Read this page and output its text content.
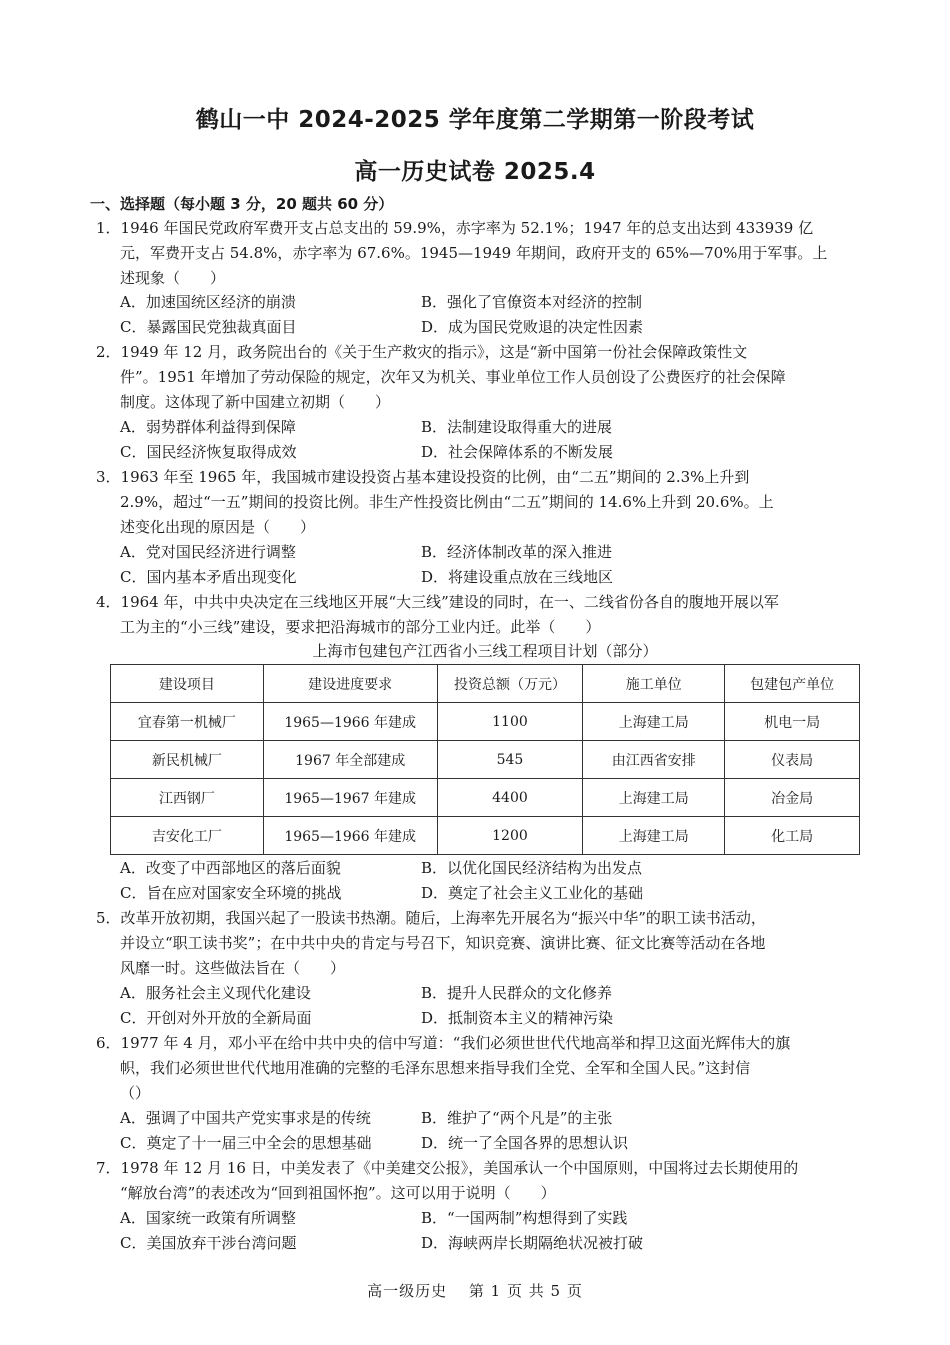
鹤山一中 2024-2025 学年度第二学期第一阶段考试
高一历史试卷 2025.4
一、选择题（每小题 3 分，20 题共 60 分）
1．1946 年国民党政府军费开支占总支出的 59.9%，赤字率为 52.1%；1947 年的总支出达到 433939 亿
元，军费开支占 54.8%，赤字率为 67.6%。1945—1949 年期间，政府开支的 65%—70%用于军事。上
述现象（　　）
A．加速国统区经济的崩溃	B．强化了官僚资本对经济的控制
C．暴露国民党独裁真面目	D．成为国民党败退的决定性因素
2．1949 年 12 月，政务院出台的《关于生产救灾的指示》，这是“新中国第一份社会保障政策性文
件”。1951 年增加了劳动保险的规定，次年又为机关、事业单位工作人员创设了公费医疗的社会保障
制度。这体现了新中国建立初期（　　）
A．弱势群体利益得到保障	B．法制建设取得重大的进展
C．国民经济恢复取得成效	D．社会保障体系的不断发展
3．1963 年至 1965 年，我国城市建设投资占基本建设投资的比例，由“二五”期间的 2.3%上升到
2.9%，超过“一五”期间的投资比例。非生产性投资比例由“二五”期间的 14.6%上升到 20.6%。上
述变化出现的原因是（　　）
A．党对国民经济进行调整	B．经济体制改革的深入推进
C．国内基本矛盾出现变化	D．将建设重点放在三线地区
4．1964 年，中共中央决定在三线地区开展“大三线”建设的同时，在一、二线省份各自的腹地开展以军
工为主的“小三线”建设，要求把沿海城市的部分工业内迁。此举（　　）
上海市包建包产江西省小三线工程项目计划（部分）
建设项目	建设进度要求	投资总额（万元）	施工单位	包建包产单位
宜春第一机械厂	1965—1966 年建成	1100	上海建工局	机电一局
新民机械厂	1967 年全部建成	545	由江西省安排	仪表局
江西钢厂	1965—1967 年建成	4400	上海建工局	冶金局
吉安化工厂	1965—1966 年建成	1200	上海建工局	化工局
A．改变了中西部地区的落后面貌	B．以优化国民经济结构为出发点
C．旨在应对国家安全环境的挑战	D．奠定了社会主义工业化的基础
5．改革开放初期，我国兴起了一股读书热潮。随后，上海率先开展名为“振兴中华”的职工读书活动，
并设立“职工读书奖”；在中共中央的肯定与号召下，知识竞赛、演讲比赛、征文比赛等活动在各地
风靡一时。这些做法旨在（　　）
A．服务社会主义现代化建设	B．提升人民群众的文化修养
C．开创对外开放的全新局面	D．抵制资本主义的精神污染
6．1977 年 4 月，邓小平在给中共中央的信中写道：“我们必须世世代代地高举和捍卫这面光辉伟大的旗
帜，我们必须世世代代地用准确的完整的毛泽东思想来指导我们全党、全军和全国人民。”这封信
（）
A．强调了中国共产党实事求是的传统	B．维护了“两个凡是”的主张
C．奠定了十一届三中全会的思想基础	D．统一了全国各界的思想认识
7．1978 年 12 月 16 日，中美发表了《中美建交公报》，美国承认一个中国原则，中国将过去长期使用的
“解放台湾”的表述改为“回到祖国怀抱”。这可以用于说明（　　）
A．国家统一政策有所调整	B．“一国两制”构想得到了实践
C．美国放弃干涉台湾问题	D．海峡两岸长期隔绝状况被打破
高一级历史　 第 1 页 共 5 页
